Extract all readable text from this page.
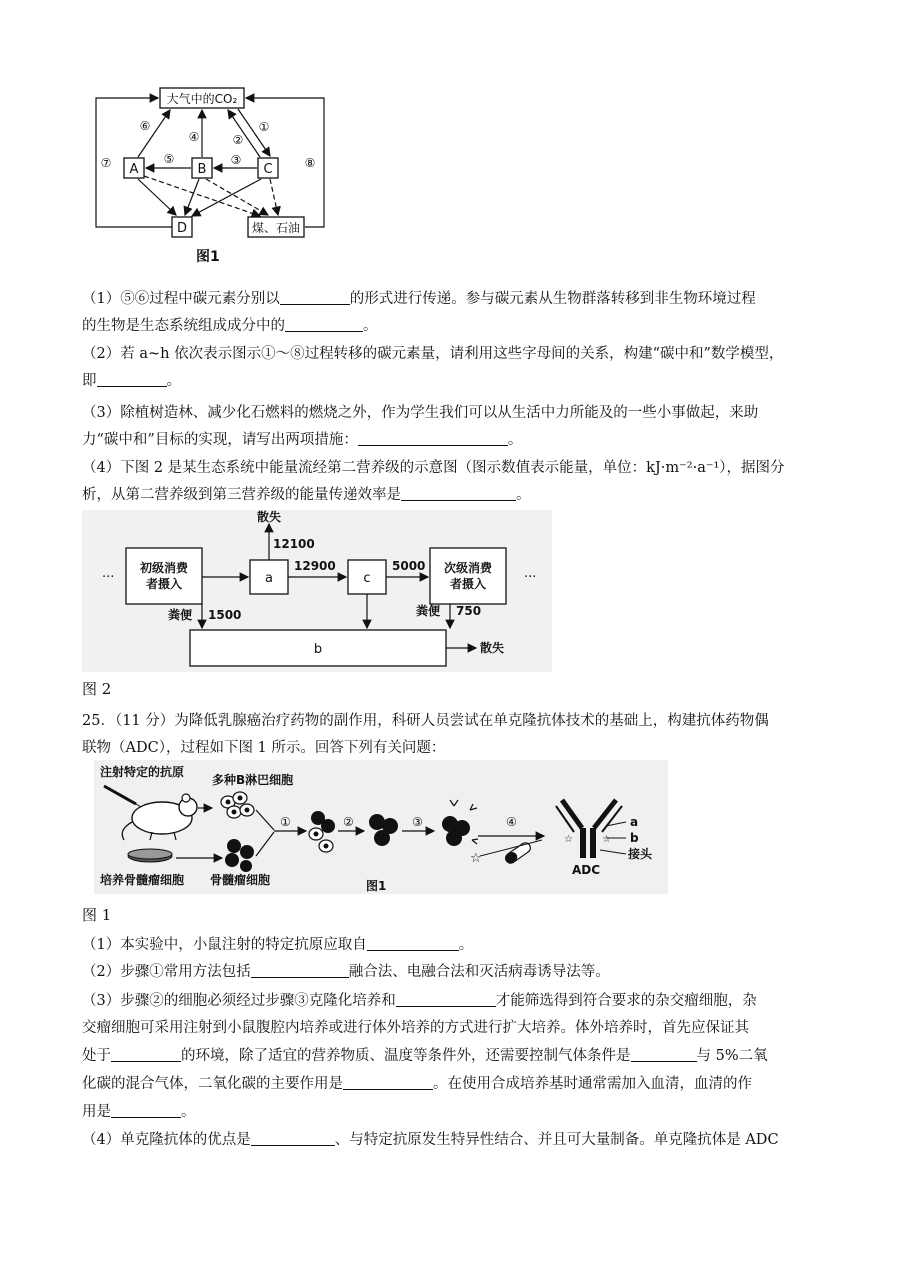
大气中的CO₂
A	B	C
D	煤、石油
⑥
④	②
①
⑤	③
⑦	⑧
图1
（1）⑤⑥过程中碳元素分别以	的形式进行传递。参与碳元素从生物群落转移到非生物环境过程
的生物是生态系统组成成分中的	。
（2）若 a~h 依次表示图示①～⑧过程转移的碳元素量，请利用这些字母间的关系，构建“碳中和”数学模型，
即	。
（3）除植树造林、减少化石燃料的燃烧之外，作为学生我们可以从生活中力所能及的一些小事做起，来助
力“碳中和”目标的实现，请写出两项措施：	。
（4）下图 2 是某生态系统中能量流经第二营养级的示意图（图示数值表示能量，单位：kJ·m⁻²·a⁻¹），据图分
析，从第二营养级到第三营养级的能量传递效率是	。
···	···
初级消费
者摄入
次级消费
者摄入
a	c
b
散失
散失
12100
12900	5000
粪便 1500	粪便 750
图 2
25．（11 分）为降低乳腺癌治疗药物的副作用，科研人员尝试在单克隆抗体技术的基础上，构建抗体药物偶
联物（ADC），过程如下图 1 所示。回答下列有关问题：
注射特定的抗原
多种B淋巴细胞
培养骨髓瘤细胞 骨髓瘤细胞
①	②	③	④
☆
☆	☆
a
b
接头
ADC
图1
图 1
（1）本实验中，小鼠注射的特定抗原应取自	。
（2）步骤①常用方法包括	融合法、电融合法和灭活病毒诱导法等。
（3）步骤②的细胞必须经过步骤③克隆化培养和	才能筛选得到符合要求的杂交瘤细胞，杂
交瘤细胞可采用注射到小鼠腹腔内培养或进行体外培养的方式进行扩大培养。体外培养时，首先应保证其
处于	的环境，除了适宜的营养物质、温度等条件外，还需要控制气体条件是	与 5%二氧
化碳的混合气体，二氧化碳的主要作用是	。在使用合成培养基时通常需加入血清，血清的作
用是	。
（4）单克隆抗体的优点是	、与特定抗原发生特异性结合、并且可大量制备。单克隆抗体是 ADC
